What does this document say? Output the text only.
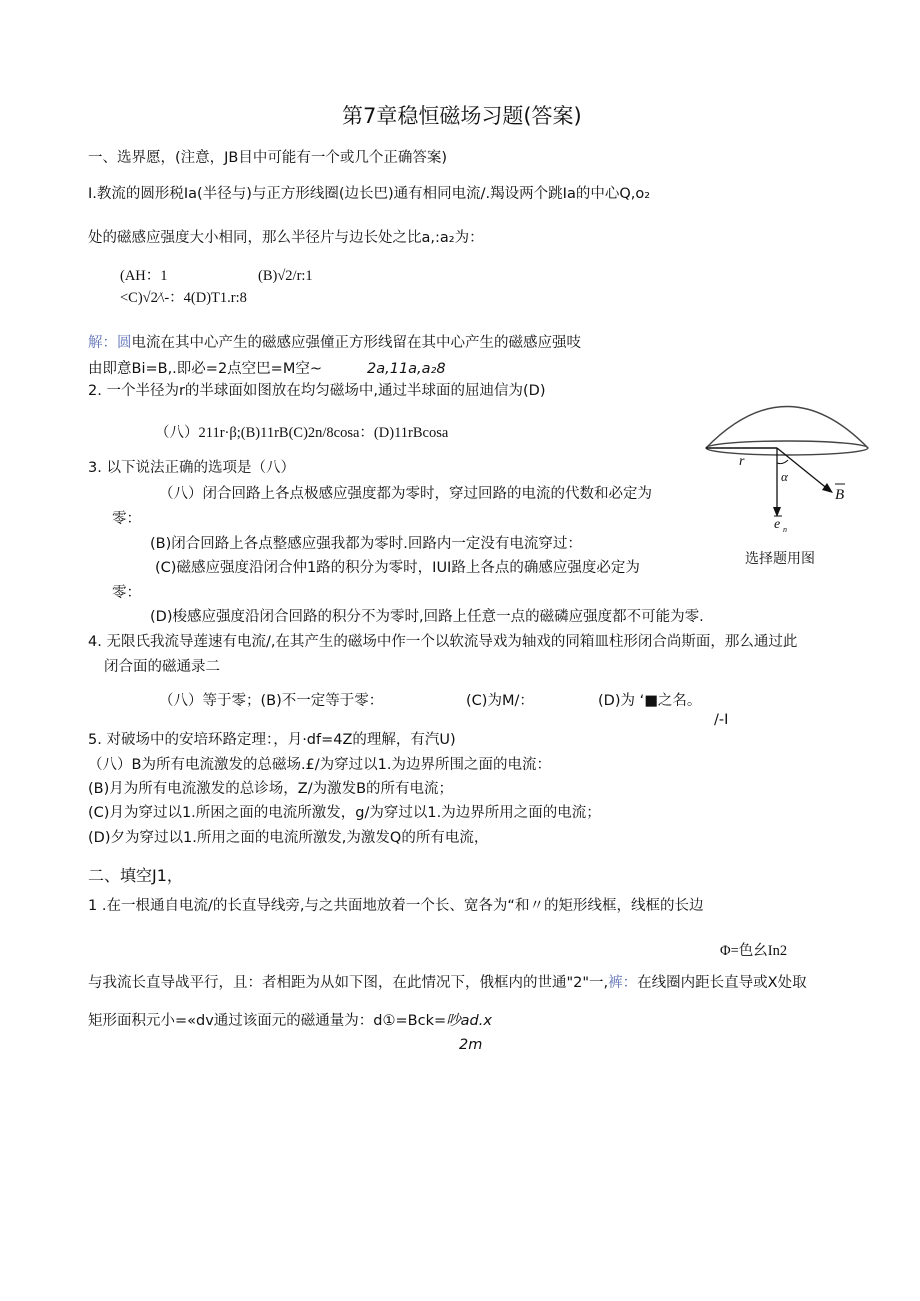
第7章稳恒磁场习题(答案)
一、选界愿，(注意，JB目中可能有一个或几个正确答案)
I.教流的圆形税Ia(半径与)与正方形线圈(边长巴)通有相同电流/.羯设两个跳Ia的中心Q,o₂
处的磁感应强度大小相同，那么半径片与边长处之比a,:a₂为：
(AH：1	(B)√2/r:1
<C)√2∕\-：4(D)T1.r:8
解：圆电流在其中心产生的磁感应强僮正方形线留在其中心产生的磁感应强吱
由即意Bi=B,.即必=2点空巴=M空~	2a,11a,a₂8
2. 一个半径为r的半球面如图放在均匀磁场中,通过半球面的屈迪信为(D)
（八）211r·β;(B)11rB(C)2n/8cosa：(D)11rBcosa
r
α
B
e n
选择题用图
3. 以下说法正确的选项是（八）
（八）闭合回路上各点极感应强度都为零时，穿过回路的电流的代数和必定为
零：
(B)闭合回路上各点整感应强我都为零时.回路内一定没有电流穿过：
(C)磁感应强度沿闭合仲1路的积分为零时，IUI路上各点的确感应强度必定为
零：
(D)梭感应强度沿闭合回路的积分不为零时,回路上任意一点的磁磷应强度都不可能为零.
4. 无限氏我流导莲速有电流/,在其产生的磁场中作一个以软流导戏为轴戏的同箱皿柱形闭合尚斯面，那么通过此
闭合面的磁通录二
（八）等于零；(B)不一定等于零：	(C)为M/：	(D)为 ‘■之名。
/-I
5. 对破场中的安培环路定理：，月·df=4Z的理解，有汽U)
（八）B为所有电流激发的总磁场.£/为穿过以1.为边界所围之面的电流：
(B)月为所有电流激发的总诊场，Z/为激发B的所有电流；
(C)月为穿过以1.所困之面的电流所激发，g/为穿过以1.为边界所用之面的电流；
(D)夕为穿过以1.所用之面的电流所激发,为激发Q的所有电流，
二、填空J1，
1 .在一根通自电流/的长直导线旁,与之共面地放着一个长、宽各为“和〃的矩形线框，线框的长边
Φ=色幺In2
与我流长直导战平行，且：者相距为从如下图，在此情况下，俄框内的世通"2"一,裤：在线圈内距长直导或X处取
矩形面积元小=«dv通过该面元的磁通量为：d①=Bck=吵ad.x
2m
